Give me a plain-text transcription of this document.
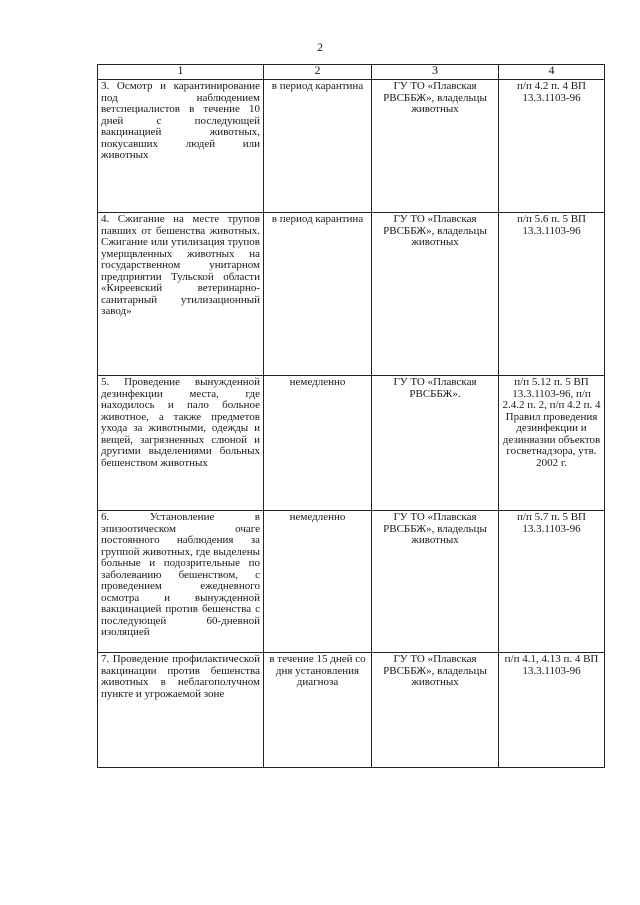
2
1	2	3	4
3. Осмотр и карантинирование под наблюдением ветспециалистов в течение 10 дней с последующей вакцинацией животных, покусавших людей или животных	в период карантина	ГУ ТО «Плавская РВСББЖ», владельцы животных	п/п 4.2 п. 4 ВП 13.3.1103-96
4. Сжигание на месте трупов павших от бешенства животных. Сжигание или утилизация трупов умерщвленных животных на государственном унитарном предприятии Тульской области «Киреевский ветеринарно-санитарный утилизационный завод»	в период карантина	ГУ ТО «Плавская РВСББЖ», владельцы животных	п/п 5.6 п. 5 ВП 13.3.1103-96
5. Проведение вынужденной дезинфекции места, где находилось и пало больное животное, а также предметов ухода за животными, одежды и вещей, загрязненных слюной и другими выделениями больных бешенством животных	немедленно	ГУ ТО «Плавская РВСББЖ».	п/п 5.12 п. 5 ВП 13.3.1103-96, п/п 2.4.2 п. 2, п/п 4.2 п. 4 Правил проведения дезинфекции и дезинвазии объектов госветнадзора, утв. 2002 г.
6. Установление в эпизоотическом очаге постоянного наблюдения за группой животных, где выделены больные и подозрительные по заболеванию бешенством, с проведением ежедневного осмотра и вынужденной вакцинацией против бешенства с последующей 60-дневной изоляцией	немедленно	ГУ ТО «Плавская РВСББЖ», владельцы животных	п/п 5.7 п. 5 ВП 13.3.1103-96
7. Проведение профилактической вакцинации против бешенства животных в неблагополучном пункте и угрожаемой зоне	в течение 15 дней со дня установления диагноза	ГУ ТО «Плавская РВСББЖ», владельцы животных	п/п 4.1, 4.13 п. 4 ВП 13.3.1103-96
